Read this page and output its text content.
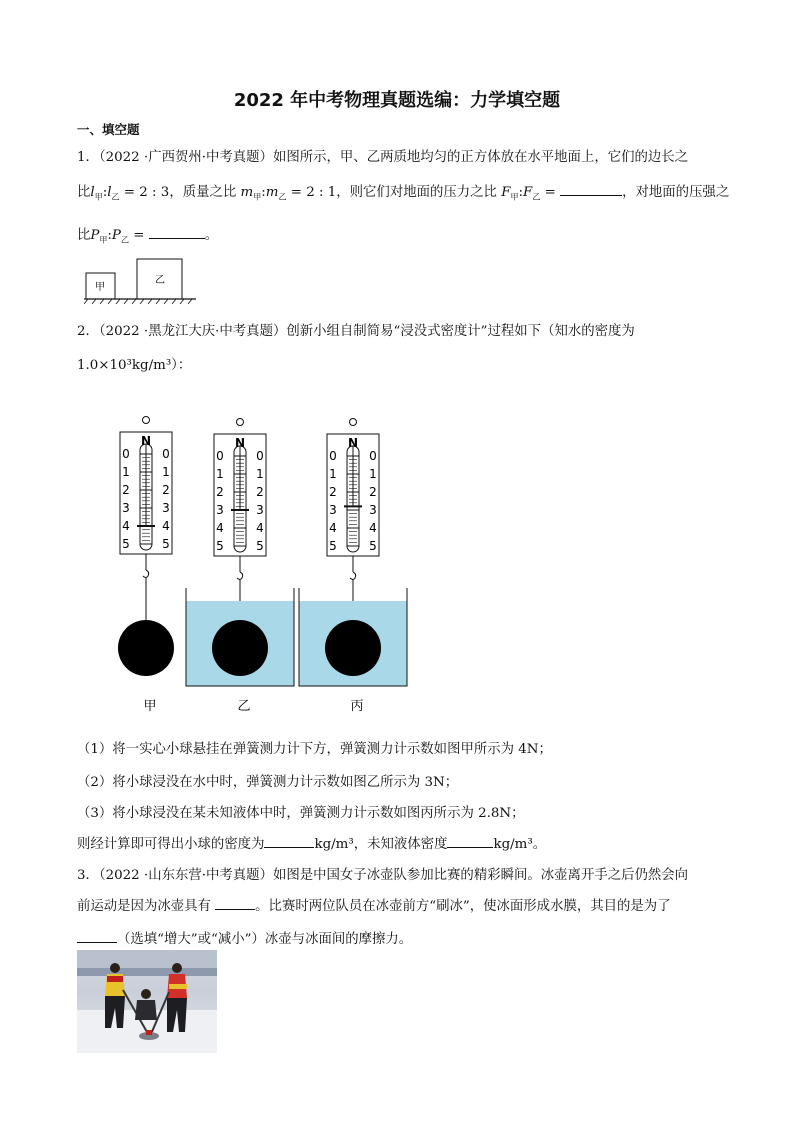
2022 年中考物理真题选编：力学填空题
一、填空题
1．（2022 ·广西贺州·中考真题）如图所示，甲、乙两质地均匀的正方体放在水平地面上，它们的边长之
比$l_甲:l_乙 = 2$ : 3，质量之比 $m_甲:m_乙 = 2$ : 1，则它们对地面的压力之比 $F_甲:F_乙$ =	，对地面的压强之
比$P_甲:P_乙$ =	。
甲
乙
2．（2022 ·黑龙江大庆·中考真题）创新小组自制简易“浸没式密度计”过程如下（知水的密度为
1.0×10³kg/m³）：
N
0	0
1	1
2	2
3	3
4	4
5	5
甲
N
0	0
1	1
2	2
3	3
4	4
5	5
乙
N
0	0
1	1
2	2
3	3
4	4
5	5
丙
（1）将一实心小球悬挂在弹簧测力计下方，弹簧测力计示数如图甲所示为 4N；
（2）将小球浸没在水中时，弹簧测力计示数如图乙所示为 3N；
（3）将小球浸没在某未知液体中时，弹簧测力计示数如图丙所示为 2.8N；
则经计算即可得出小球的密度为	kg/m³，未知液体密度	kg/m³。
3．（2022 ·山东东营·中考真题）如图是中国女子冰壶队参加比赛的精彩瞬间。冰壶离开手之后仍然会向
前运动是因为冰壶具有	。比赛时两位队员在冰壶前方“刷冰”，使冰面形成水膜，其目的是为了
（选填“增大”或“减小”）冰壶与冰面间的摩擦力。
